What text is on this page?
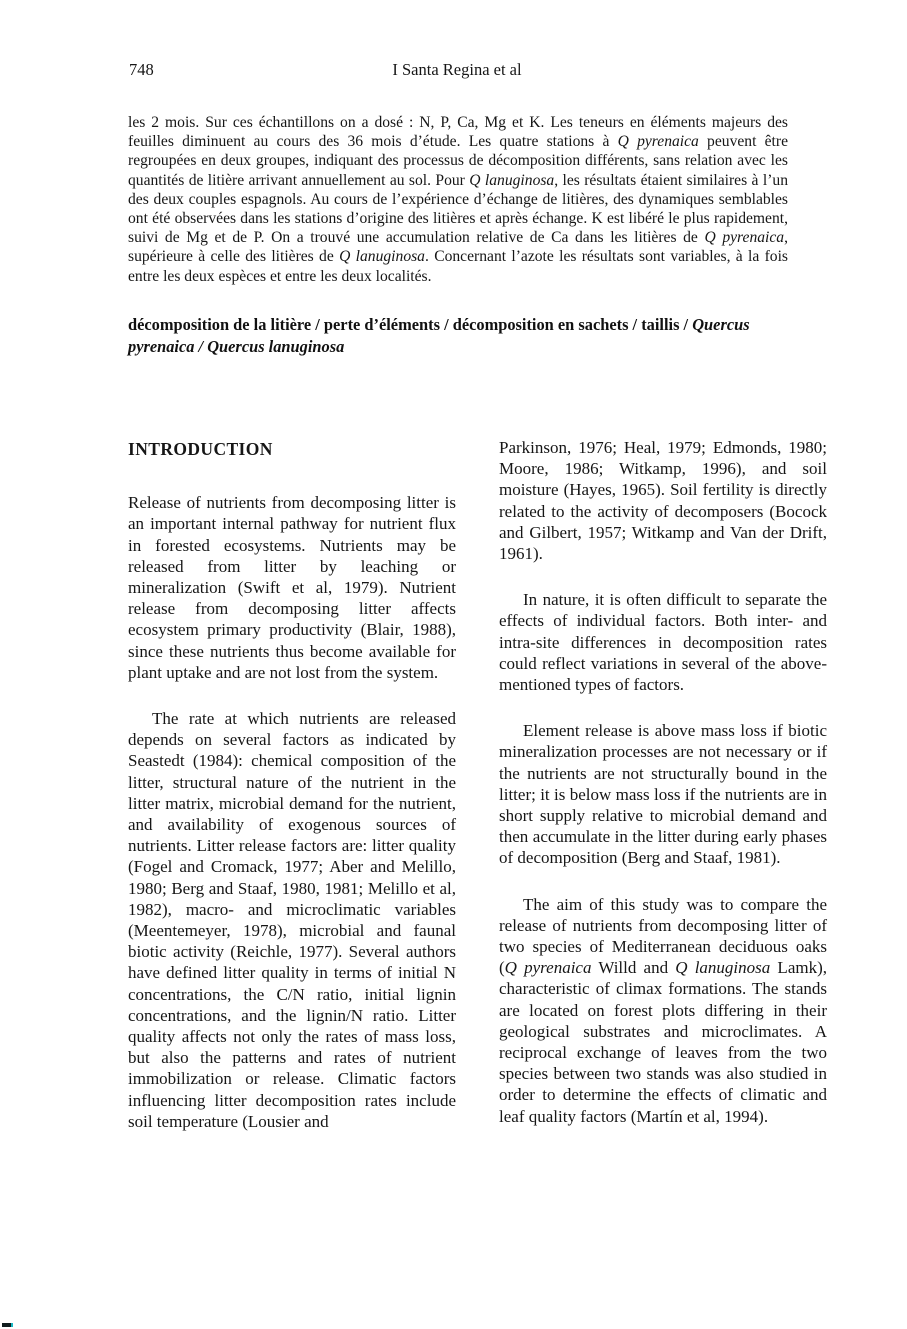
748	I Santa Regina et al
les 2 mois. Sur ces échantillons on a dosé : N, P, Ca, Mg et K. Les teneurs en éléments majeurs des feuilles diminuent au cours des 36 mois d’étude. Les quatre stations à Q pyrenaica peuvent être regroupées en deux groupes, indiquant des processus de décomposition différents, sans relation avec les quantités de litière arrivant annuellement au sol. Pour Q lanuginosa, les résultats étaient similaires à l’un des deux couples espagnols. Au cours de l’expérience d’échange de litières, des dynamiques semblables ont été observées dans les stations d’origine des litières et après échange. K est libéré le plus rapidement, suivi de Mg et de P. On a trouvé une accumulation relative de Ca dans les litières de Q pyrenaica, supérieure à celle des litières de Q lanuginosa. Concernant l’azote les résultats sont variables, à la fois entre les deux espèces et entre les deux localités.
décomposition de la litière / perte d’éléments / décomposition en sachets / taillis / Quercus pyrenaica / Quercus lanuginosa
INTRODUCTION

Release of nutrients from decomposing litter is an important internal pathway for nutrient flux in forested ecosystems. Nutrients may be released from litter by leaching or mineralization (Swift et al, 1979). Nutrient release from decomposing litter affects ecosystem primary productivity (Blair, 1988), since these nutrients thus become available for plant uptake and are not lost from the system.

The rate at which nutrients are released depends on several factors as indicated by Seastedt (1984): chemical composition of the litter, structural nature of the nutrient in the litter matrix, microbial demand for the nutrient, and availability of exogenous sources of nutrients. Litter release factors are: litter quality (Fogel and Cromack, 1977; Aber and Melillo, 1980; Berg and Staaf, 1980, 1981; Melillo et al, 1982), macro- and microclimatic variables (Meentemeyer, 1978), microbial and faunal biotic activity (Reichle, 1977). Several authors have defined litter quality in terms of initial N concentrations, the C/N ratio, initial lignin concentrations, and the lignin/N ratio. Litter quality affects not only the rates of mass loss, but also the patterns and rates of nutrient immobilization or release. Climatic factors influencing litter decomposition rates include soil temperature (Lousier and

Parkinson, 1976; Heal, 1979; Edmonds, 1980; Moore, 1986; Witkamp, 1996), and soil moisture (Hayes, 1965). Soil fertility is directly related to the activity of decomposers (Bocock and Gilbert, 1957; Witkamp and Van der Drift, 1961).

In nature, it is often difficult to separate the effects of individual factors. Both inter- and intra-site differences in decomposition rates could reflect variations in several of the above-mentioned types of factors.

Element release is above mass loss if biotic mineralization processes are not necessary or if the nutrients are not structurally bound in the litter; it is below mass loss if the nutrients are in short supply relative to microbial demand and then accumulate in the litter during early phases of decomposition (Berg and Staaf, 1981).

The aim of this study was to compare the release of nutrients from decomposing litter of two species of Mediterranean deciduous oaks (Q pyrenaica Willd and Q lanuginosa Lamk), characteristic of climax formations. The stands are located on forest plots differing in their geological substrates and microclimates. A reciprocal exchange of leaves from the two species between two stands was also studied in order to determine the effects of climatic and leaf quality factors (Martín et al, 1994).
